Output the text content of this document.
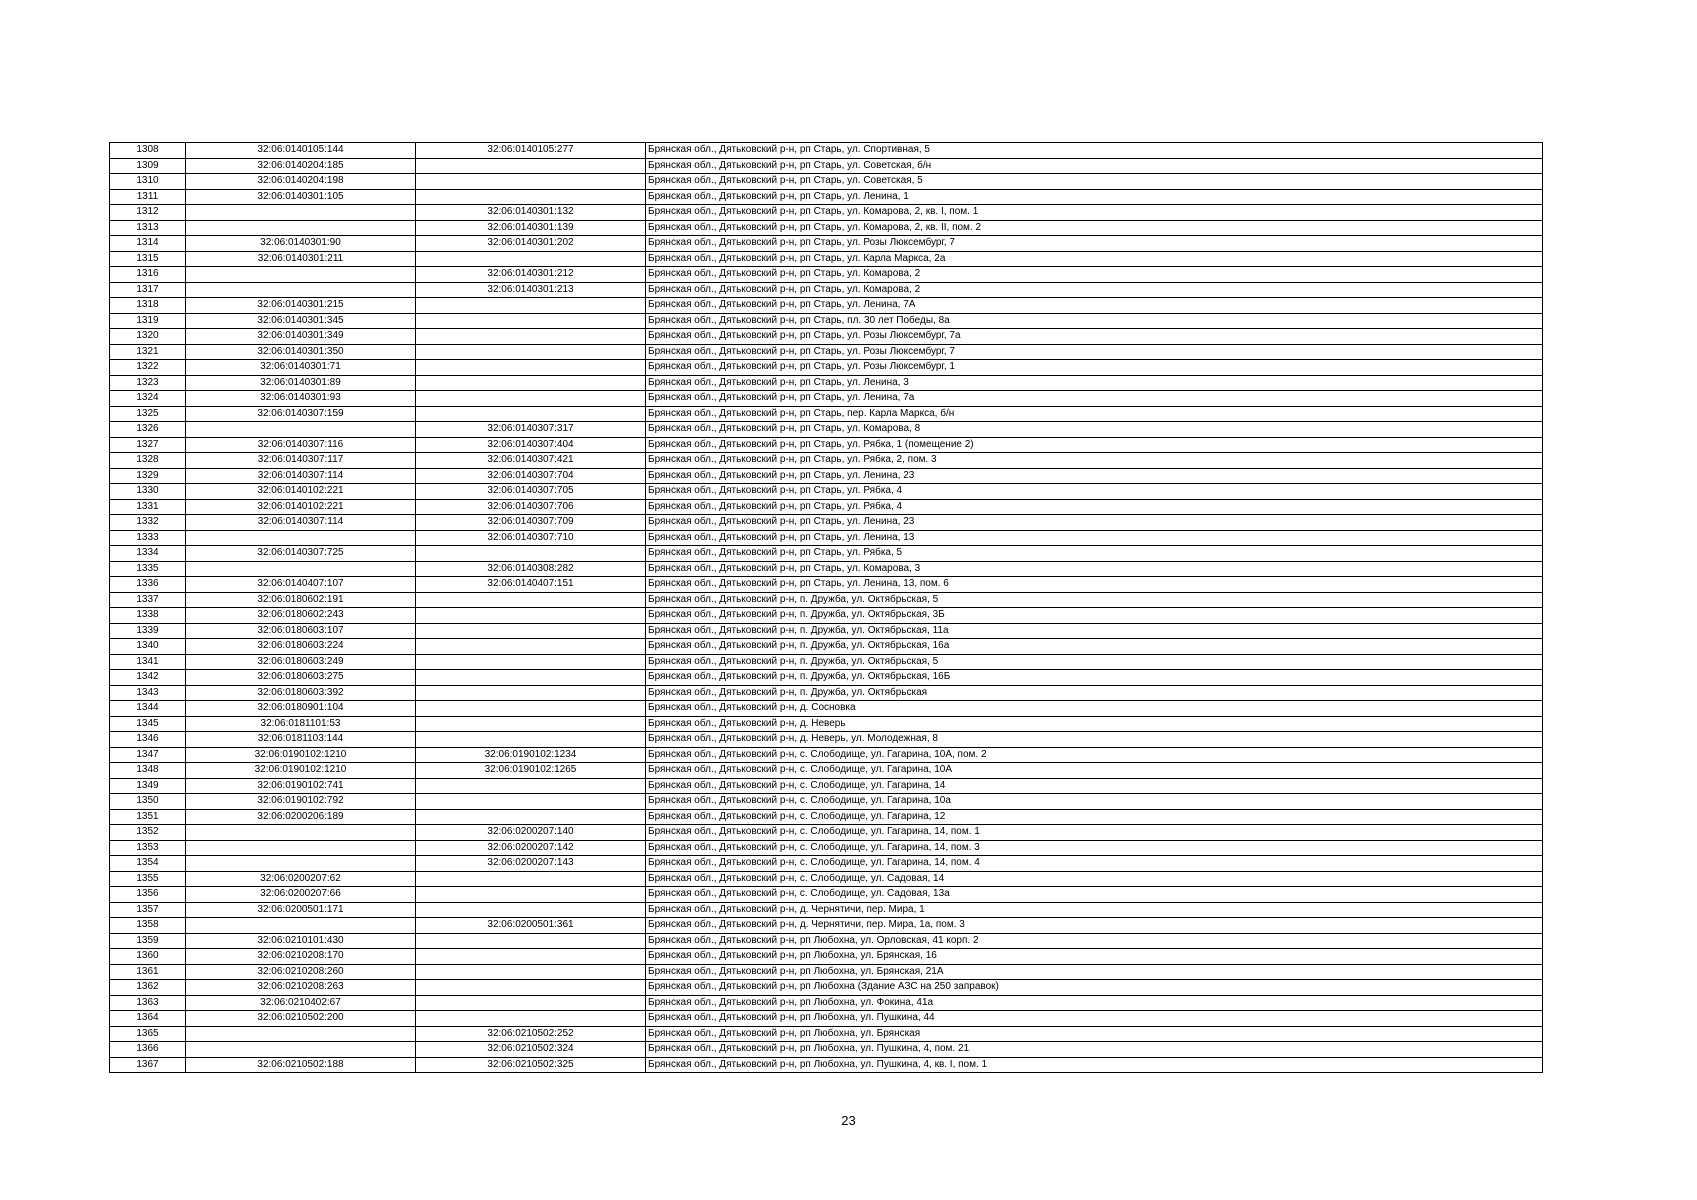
1308	32:06:0140105:144	32:06:0140105:277	Брянская обл., Дятьковский р-н, рп Старь, ул. Спортивная, 5
1309	32:06:0140204:185		Брянская обл., Дятьковский р-н, рп Старь, ул. Советская, б/н
1310	32:06:0140204:198		Брянская обл., Дятьковский р-н, рп Старь, ул. Советская, 5
1311	32:06:0140301:105		Брянская обл., Дятьковский р-н, рп Старь, ул. Ленина, 1
1312		32:06:0140301:132	Брянская обл., Дятьковский р-н, рп Старь, ул. Комарова, 2, кв. I, пом. 1
1313		32:06:0140301:139	Брянская обл., Дятьковский р-н, рп Старь, ул. Комарова, 2, кв. II, пом. 2
1314	32:06:0140301:90	32:06:0140301:202	Брянская обл., Дятьковский р-н, рп Старь, ул. Розы Люксембург, 7
1315	32:06:0140301:211		Брянская обл., Дятьковский р-н, рп Старь, ул. Карла Маркса, 2а
1316		32:06:0140301:212	Брянская обл., Дятьковский р-н, рп Старь, ул. Комарова, 2
1317		32:06:0140301:213	Брянская обл., Дятьковский р-н, рп Старь, ул. Комарова, 2
1318	32:06:0140301:215		Брянская обл., Дятьковский р-н, рп Старь, ул. Ленина, 7А
1319	32:06:0140301:345		Брянская обл., Дятьковский р-н, рп Старь, пл. 30 лет Победы, 8а
1320	32:06:0140301:349		Брянская обл., Дятьковский р-н, рп Старь, ул. Розы Люксембург, 7а
1321	32:06:0140301:350		Брянская обл., Дятьковский р-н, рп Старь, ул. Розы Люксембург, 7
1322	32:06:0140301:71		Брянская обл., Дятьковский р-н, рп Старь, ул. Розы Люксембург, 1
1323	32:06:0140301:89		Брянская обл., Дятьковский р-н, рп Старь, ул. Ленина, 3
1324	32:06:0140301:93		Брянская обл., Дятьковский р-н, рп Старь, ул. Ленина, 7а
1325	32:06:0140307:159		Брянская обл., Дятьковский р-н, рп Старь, пер. Карла Маркса, б/н
1326		32:06:0140307:317	Брянская обл., Дятьковский р-н, рп Старь, ул. Комарова, 8
1327	32:06:0140307:116	32:06:0140307:404	Брянская обл., Дятьковский р-н, рп Старь, ул. Рябка, 1 (помещение 2)
1328	32:06:0140307:117	32:06:0140307:421	Брянская обл., Дятьковский р-н, рп Старь, ул. Рябка, 2, пом. 3
1329	32:06:0140307:114	32:06:0140307:704	Брянская обл., Дятьковский р-н, рп Старь, ул. Ленина, 23
1330	32:06:0140102:221	32:06:0140307:705	Брянская обл., Дятьковский р-н, рп Старь, ул. Рябка, 4
1331	32:06:0140102:221	32:06:0140307:706	Брянская обл., Дятьковский р-н, рп Старь, ул. Рябка, 4
1332	32:06:0140307:114	32:06:0140307:709	Брянская обл., Дятьковский р-н, рп Старь, ул. Ленина, 23
1333		32:06:0140307:710	Брянская обл., Дятьковский р-н, рп Старь, ул. Ленина, 13
1334	32:06:0140307:725		Брянская обл., Дятьковский р-н, рп Старь, ул. Рябка, 5
1335		32:06:0140308:282	Брянская обл., Дятьковский р-н, рп Старь, ул. Комарова, 3
1336	32:06:0140407:107	32:06:0140407:151	Брянская обл., Дятьковский р-н, рп Старь, ул. Ленина, 13, пом. 6
1337	32:06:0180602:191		Брянская обл., Дятьковский р-н, п. Дружба, ул. Октябрьская, 5
1338	32:06:0180602:243		Брянская обл., Дятьковский р-н, п. Дружба, ул. Октябрьская, 3Б
1339	32:06:0180603:107		Брянская обл., Дятьковский р-н, п. Дружба, ул. Октябрьская, 11а
1340	32:06:0180603:224		Брянская обл., Дятьковский р-н, п. Дружба, ул. Октябрьская, 16а
1341	32:06:0180603:249		Брянская обл., Дятьковский р-н, п. Дружба, ул. Октябрьская, 5
1342	32:06:0180603:275		Брянская обл., Дятьковский р-н, п. Дружба, ул. Октябрьская, 16Б
1343	32:06:0180603:392		Брянская обл., Дятьковский р-н, п. Дружба, ул. Октябрьская
1344	32:06:0180901:104		Брянская обл., Дятьковский р-н, д. Сосновка
1345	32:06:0181101:53		Брянская обл., Дятьковский р-н, д. Неверь
1346	32:06:0181103:144		Брянская обл., Дятьковский р-н, д. Неверь, ул. Молодежная, 8
1347	32:06:0190102:1210	32:06:0190102:1234	Брянская обл., Дятьковский р-н, с. Слободище, ул. Гагарина, 10А, пом. 2
1348	32:06:0190102:1210	32:06:0190102:1265	Брянская обл., Дятьковский р-н, с. Слободище, ул. Гагарина, 10А
1349	32:06:0190102:741		Брянская обл., Дятьковский р-н, с. Слободище, ул. Гагарина, 14
1350	32:06:0190102:792		Брянская обл., Дятьковский р-н, с. Слободище, ул. Гагарина, 10а
1351	32:06:0200206:189		Брянская обл., Дятьковский р-н, с. Слободище, ул. Гагарина, 12
1352		32:06:0200207:140	Брянская обл., Дятьковский р-н, с. Слободище, ул. Гагарина, 14, пом. 1
1353		32:06:0200207:142	Брянская обл., Дятьковский р-н, с. Слободище, ул. Гагарина, 14, пом. 3
1354		32:06:0200207:143	Брянская обл., Дятьковский р-н, с. Слободище, ул. Гагарина, 14, пом. 4
1355	32:06:0200207:62		Брянская обл., Дятьковский р-н, с. Слободище, ул. Садовая, 14
1356	32:06:0200207:66		Брянская обл., Дятьковский р-н, с. Слободище, ул. Садовая, 13а
1357	32:06:0200501:171		Брянская обл., Дятьковский р-н, д. Чернятичи, пер. Мира, 1
1358		32:06:0200501:361	Брянская обл., Дятьковский р-н, д. Чернятичи, пер. Мира, 1а, пом. 3
1359	32:06:0210101:430		Брянская обл., Дятьковский р-н, рп Любохна, ул. Орловская, 41 корп. 2
1360	32:06:0210208:170		Брянская обл., Дятьковский р-н, рп Любохна, ул. Брянская, 16
1361	32:06:0210208:260		Брянская обл., Дятьковский р-н, рп Любохна, ул. Брянская, 21А
1362	32:06:0210208:263		Брянская обл., Дятьковский р-н, рп Любохна (Здание АЗС на 250 заправок)
1363	32:06:0210402:67		Брянская обл., Дятьковский р-н, рп Любохна, ул. Фокина, 41а
1364	32:06:0210502:200		Брянская обл., Дятьковский р-н, рп Любохна, ул. Пушкина, 44
1365		32:06:0210502:252	Брянская обл., Дятьковский р-н, рп Любохна, ул. Брянская
1366		32:06:0210502:324	Брянская обл., Дятьковский р-н, рп Любохна, ул. Пушкина, 4, пом. 21
1367	32:06:0210502:188	32:06:0210502:325	Брянская обл., Дятьковский р-н, рп Любохна, ул. Пушкина, 4, кв. I, пом. 1
23
